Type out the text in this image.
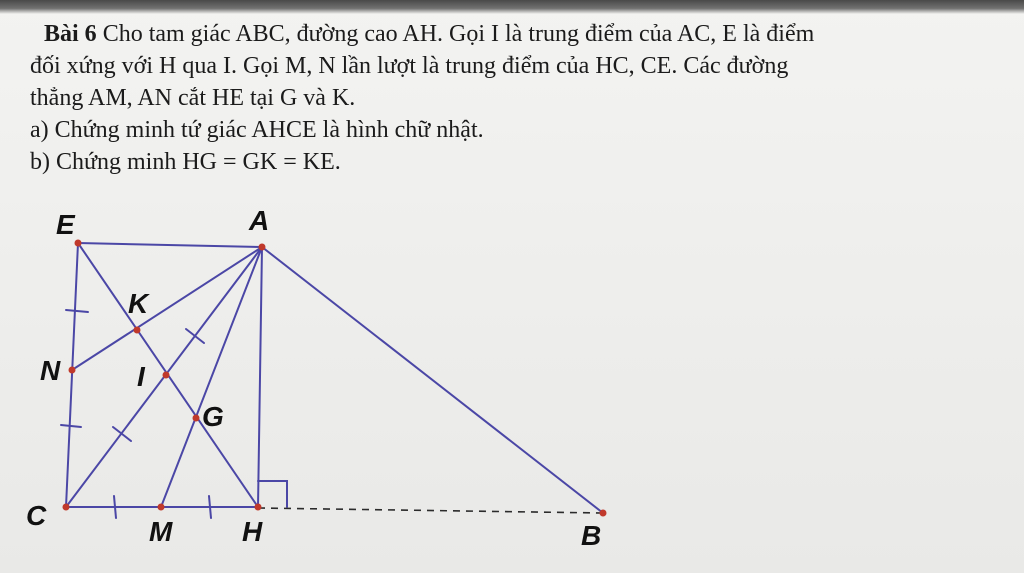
Bài 6 Cho tam giác ABC, đường cao AH. Gọi I là trung điểm của AC, E là điểm

đối xứng với H qua I. Gọi M, N lần lượt là trung điểm của HC, CE. Các đường

thẳng AM, AN cắt HE tại G và K.

a) Chứng minh tứ giác AHCE là hình chữ nhật.

b) Chứng minh HG = GK = KE.

E	A
K
N	I
G
C
M H	B
